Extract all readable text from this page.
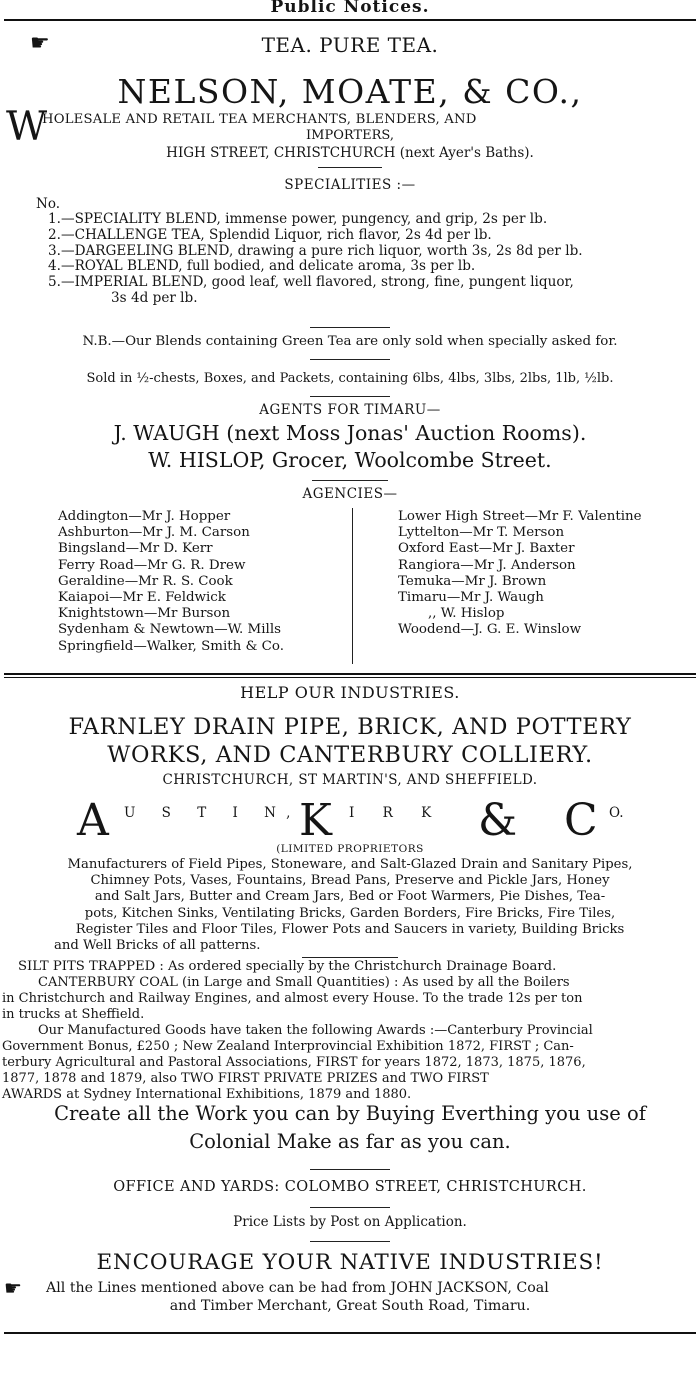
Public Notices.
☛	TEA. PURE TEA.
NELSON, MOATE, & CO.,
W
HOLESALE AND RETAIL TEA MERCHANTS, BLENDERS, AND
IMPORTERS,
HIGH STREET, CHRISTCHURCH (next Ayer's Baths).
SPECIALITIES :—
No.
1.—SPECIALITY BLEND, immense power, pungency, and grip, 2s per lb.
2.—CHALLENGE TEA, Splendid Liquor, rich flavor, 2s 4d per lb.
3.—DARGEELING BLEND, drawing a pure rich liquor, worth 3s, 2s 8d per lb.
4.—ROYAL BLEND, full bodied, and delicate aroma, 3s per lb.
5.—IMPERIAL BLEND, good leaf, well flavored, strong, fine, pungent liquor,
3s 4d per lb.
N.B.—Our Blends containing Green Tea are only sold when specially asked for.
Sold in ½-chests, Boxes, and Packets, containing 6lbs, 4lbs, 3lbs, 2lbs, 1lb, ½lb.
AGENTS FOR TIMARU—
J. WAUGH (next Moss Jonas' Auction Rooms).
W. HISLOP, Grocer, Woolcombe Street.
AGENCIES—
Addington—Mr J. Hopper
Ashburton—Mr J. M. Carson
Bingsland—Mr D. Kerr
Ferry Road—Mr G. R. Drew
Geraldine—Mr R. S. Cook
Kaiapoi—Mr E. Feldwick
Knightstown—Mr Burson
Sydenham & Newtown—W. Mills
Springfield—Walker, Smith & Co.
Lower High Street—Mr F. Valentine
Lyttelton—Mr T. Merson
Oxford East—Mr J. Baxter
Rangiora—Mr J. Anderson
Temuka—Mr J. Brown
Timaru—Mr J. Waugh
,, W. Hislop
Woodend—J. G. E. Winslow
HELP OUR INDUSTRIES.
FARNLEY DRAIN PIPE, BRICK, AND POTTERY
WORKS, AND CANTERBURY COLLIERY.
CHRISTCHURCH, ST MARTIN'S, AND SHEFFIELD.
A U S T I N,
K I R K & C O.
(LIMITED PROPRIETORS
Manufacturers of Field Pipes, Stoneware, and Salt-Glazed Drain and Sanitary Pipes,
Chimney Pots, Vases, Fountains, Bread Pans, Preserve and Pickle Jars, Honey
and Salt Jars, Butter and Cream Jars, Bed or Foot Warmers, Pie Dishes, Tea-
pots, Kitchen Sinks, Ventilating Bricks, Garden Borders, Fire Bricks, Fire Tiles,
Register Tiles and Floor Tiles, Flower Pots and Saucers in variety, Building Bricks
and Well Bricks of all patterns.
SILT PITS TRAPPED : As ordered specially by the Christchurch Drainage Board.
CANTERBURY COAL (in Large and Small Quantities) : As used by all the Boilers
in Christchurch and Railway Engines, and almost every House. To the trade 12s per ton
in trucks at Sheffield.
Our Manufactured Goods have taken the following Awards :—Canterbury Provincial
Government Bonus, £250 ; New Zealand Interprovincial Exhibition 1872, FIRST ; Can-
terbury Agricultural and Pastoral Associations, FIRST for years 1872, 1873, 1875, 1876,
1877, 1878 and 1879, also TWO FIRST PRIVATE PRIZES and TWO FIRST
AWARDS at Sydney International Exhibitions, 1879 and 1880.
Create all the Work you can by Buying Everthing you use of
Colonial Make as far as you can.
OFFICE AND YARDS: COLOMBO STREET, CHRISTCHURCH.
Price Lists by Post on Application.
ENCOURAGE YOUR NATIVE INDUSTRIES!
☛ All the Lines mentioned above can be had from JOHN JACKSON, Coal
and Timber Merchant, Great South Road, Timaru.
